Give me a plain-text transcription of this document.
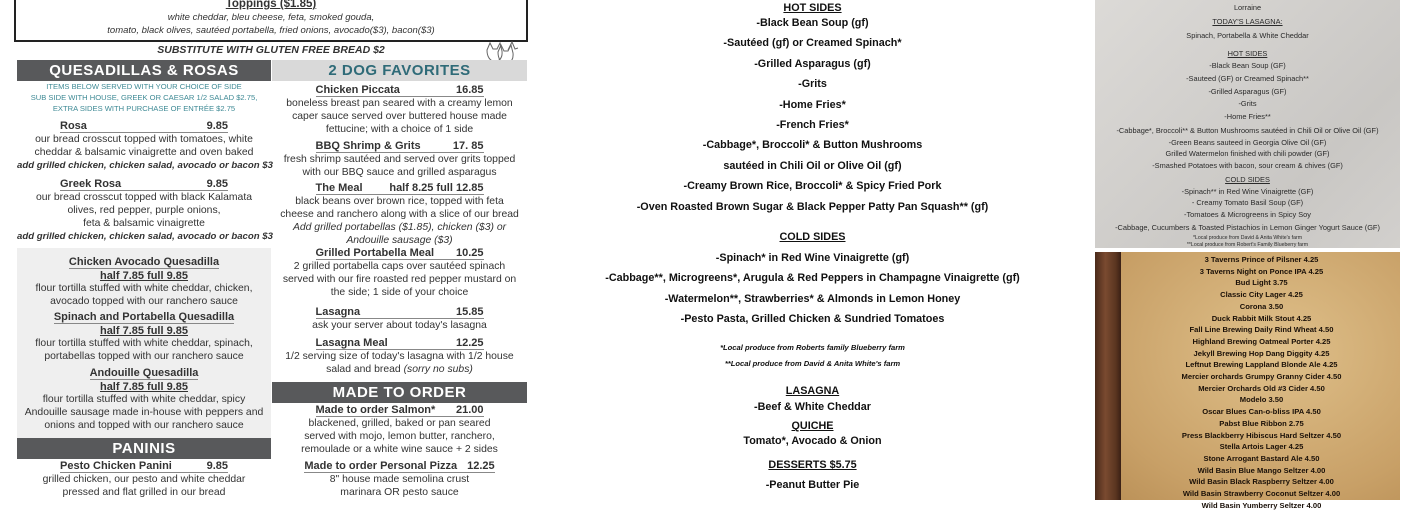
Toppings ($1.85)
white cheddar, bleu cheese, feta, smoked gouda,
tomato, black olives, sautéed portabella, fried onions, avocado($3), bacon($3)
SUBSTITUTE WITH GLUTEN FREE BREAD $2
QUESADILLAS & ROSAS	2 DOG FAVORITES
ITEMS BELOW SERVED WITH YOUR CHOICE OF SIDE
SUB SIDE WITH HOUSE, GREEK OR CAESAR 1/2 SALAD $2.75,
EXTRA SIDES WITH PURCHASE OF ENTRÉE $2.75
PANINIS
MADE TO ORDER
Rosa	9.85
our bread crosscut topped with tomatoes, white
cheddar & balsamic vinaigrette and oven baked
add grilled chicken, chicken salad, avocado or bacon $3
Greek Rosa	9.85
our bread crosscut topped with black Kalamata
olives, red pepper, purple onions,
feta & balsamic vinaigrette
add grilled chicken, chicken salad, avocado or bacon $3
Chicken Avocado Quesadilla
half 7.85 full 9.85
flour tortilla stuffed with white cheddar, chicken,
avocado topped with our ranchero sauce
Spinach and Portabella Quesadilla
half 7.85 full 9.85
flour tortilla stuffed with white cheddar, spinach,
portabellas topped with our ranchero sauce
Andouille Quesadilla
half 7.85 full 9.85
flour tortilla stuffed with white cheddar, spicy
Andouille sausage made in-house with peppers and
onions and topped with our ranchero sauce
Pesto Chicken Panini	9.85
grilled chicken, our pesto and white cheddar
pressed and flat grilled in our bread
Chicken Piccata	16.85
boneless breast pan seared with a creamy lemon
caper sauce served over buttered house made
fettucine; with a choice of 1 side
BBQ Shrimp & Grits	17. 85
fresh shrimp sautéed and served over grits topped
with our BBQ sauce and grilled asparagus
The Meal half 8.25 full 12.85
black beans over brown rice, topped with feta
cheese and ranchero along with a slice of our bread
Add grilled portabellas ($1.85), chicken ($3) or
Andouille sausage ($3)
Grilled Portabella Meal 10.25
2 grilled portabella caps over sautéed spinach
served with our fire roasted red pepper mustard on
the side; 1 side of your choice
Lasagna	15.85
ask your server about today's lasagna
Lasagna Meal	12.25
1/2 serving size of today's lasagna with 1/2 house
salad and bread (sorry no subs)
Made to order Salmon* 21.00
blackened, grilled, baked or pan seared
served with mojo, lemon butter, ranchero,
remoulade or a white wine sauce + 2 sides
Made to order Personal Pizza 12.25
8" house made semolina crust
marinara OR pesto sauce
HOT SIDES
-Black Bean Soup (gf)
-Sautéed (gf) or Creamed Spinach*
-Grilled Asparagus (gf)
-Grits
-Home Fries*
-French Fries*
-Cabbage*, Broccoli* & Button Mushrooms
sautéed in Chili Oil or Olive Oil (gf)
-Creamy Brown Rice, Broccoli* & Spicy Fried Pork
-Oven Roasted Brown Sugar & Black Pepper Patty Pan Squash** (gf)
COLD SIDES
-Spinach* in Red Wine Vinaigrette (gf)
-Cabbage**, Microgreens*, Arugula & Red Peppers in Champagne Vinaigrette (gf)
-Watermelon**, Strawberries* & Almonds in Lemon Honey
-Pesto Pasta, Grilled Chicken & Sundried Tomatoes
*Local produce from Roberts family Blueberry farm
**Local produce from David & Anita White's farm
LASAGNA
-Beef & White Cheddar
QUICHE
Tomato*, Avocado & Onion
DESSERTS $5.75
-Peanut Butter Pie
Lorraine
TODAY'S LASAGNA:
Spinach, Portabella & White Cheddar
HOT SIDES
-Black Bean Soup (GF)
-Sauteed (GF) or Creamed Spinach**
-Grilled Asparagus (GF)
-Grits
-Home Fries**
-Cabbage*, Broccoli** & Button Mushrooms sautéed in Chili Oil or Olive Oil (GF)
-Green Beans sauteed in Georgia Olive Oil (GF)
Grilled Watermelon finished with chili powder (GF)
-Smashed Potatoes with bacon, sour cream & chives (GF)
COLD SIDES
-Spinach** in Red Wine Vinaigrette (GF)
- Creamy Tomato Basil Soup (GF)
-Tomatoes & Microgreens in Spicy Soy
-Cabbage, Cucumbers & Toasted Pistachios in Lemon Ginger Yogurt Sauce (GF)
*Local produce from David & Anita White's farm
**Local produce from Robert's Family Blueberry farm
3 Taverns Prince of Pilsner 4.25
3 Taverns Night on Ponce IPA 4.25
Bud Light 3.75
Classic City Lager 4.25
Corona 3.50
Duck Rabbit Milk Stout 4.25
Fall Line Brewing Daily Rind Wheat 4.50
Highland Brewing Oatmeal Porter 4.25
Jekyll Brewing Hop Dang Diggity 4.25
Leftnut Brewing Lappland Blonde Ale 4.25
Mercier orchards Grumpy Granny Cider 4.50
Mercier Orchards Old #3 Cider 4.50
Modelo 3.50
Oscar Blues Can-o-bliss IPA 4.50
Pabst Blue Ribbon 2.75
Press Blackberry Hibiscus Hard Seltzer 4.50
Stella Artois Lager 4.25
Stone Arrogant Bastard Ale 4.50
Wild Basin Blue Mango Seltzer 4.00
Wild Basin Black Raspberry Seltzer 4.00
Wild Basin Strawberry Coconut Seltzer 4.00
Wild Basin Yumberry Seltzer 4.00
